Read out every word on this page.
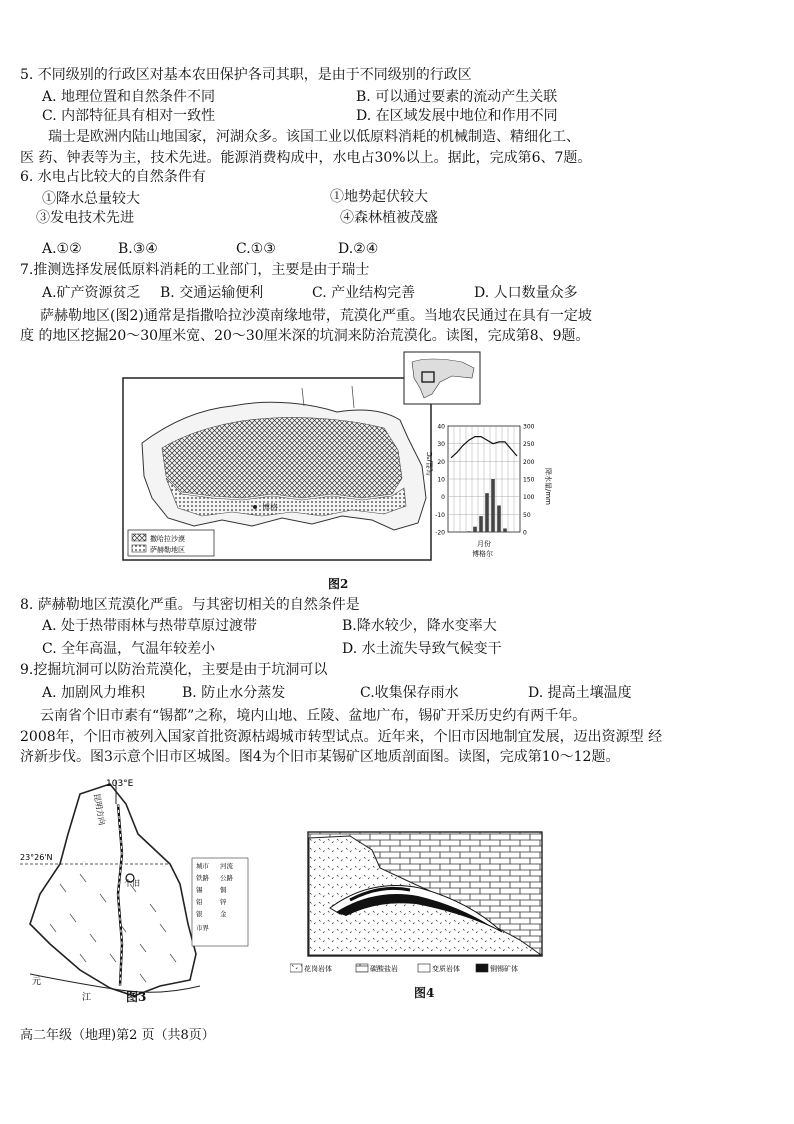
5. 不同级别的行政区对基本农田保护各司其职，是由于不同级别的行政区
A. 地理位置和自然条件不同	B. 可以通过要素的流动产生关联
C. 内部特征具有相对一致性	D. 在区域发展中地位和作用不同
瑞士是欧洲内陆山地国家，河湖众多。该国工业以低原料消耗的机械制造、精细化工、
医 药、钟表等为主，技术先进。能源消费构成中，水电占30%以上。据此，完成第6、7题。
6. 水电占比较大的自然条件有
①降水总量较大	①地势起伏较大
③发电技术先进	④森林植被茂盛
A.①②	B.③④	C.①③	D.②④
7.推测选择发展低原料消耗的工业部门，主要是由于瑞士
A.矿产资源贫乏 B. 交通运输便利	C. 产业结构完善	D. 人口数量众多
萨赫勒地区(图2)通常是指撒哈拉沙漠南缘地带，荒漠化严重。当地农民通过在具有一定坡
度 的地区挖掘20～30厘米宽、20～30厘米深的坑洞来防治荒漠化。读图，完成第8、9题。
博格
撒哈拉沙漠
萨赫勒地区
40
30
20
10
0
-10
-20
300
250
200
150
100
50
0
气温/℃
降水量/mm
月份
博格尔
图2
8. 萨赫勒地区荒漠化严重。与其密切相关的自然条件是
A. 处于热带雨林与热带草原过渡带	B.降水较少，降水变率大
C. 全年高温，气温年较差小	D. 水土流失导致气候变干
9.挖掘坑洞可以防治荒漠化，主要是由于坑洞可以
A. 加剧风力堆积	B. 防止水分蒸发	C.收集保存雨水	D. 提高土壤温度
云南省个旧市素有“锡都”之称，境内山地、丘陵、盆地广布，锡矿开采历史约有两千年。
2008年，个旧市被列入国家首批资源枯竭城市转型试点。近年来，个旧市因地制宜发展，迈出资源型 经
济新步伐。图3示意个旧市区城图。图4为个旧市某锡矿区地质剖面图。读图，完成第10～12题。
103°E
23°26'N
昆明方向
个旧
元
江
城市 河流
铁路 公路
锡	铜
铅	锌
银	金
市界
图3
花岗岩体	碳酸盐岩	变质岩体	铜锡矿体
图4
高二年级（地理)第2 页（共8页）
